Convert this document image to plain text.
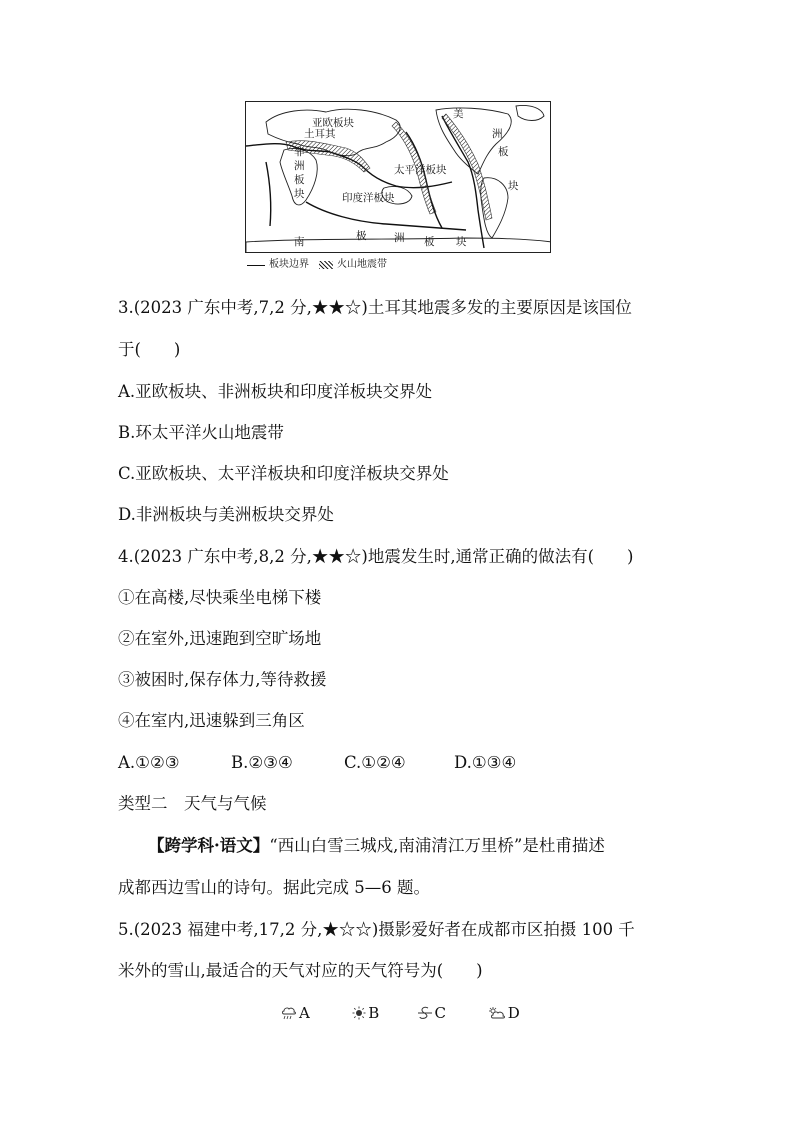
亚欧板块
土耳其
非
洲
板
块
太平洋板块
印度洋板块
美
洲
板
块
南	极	洲 板 块
板块边界	火山地震带
3.(2023 广东中考,7,2 分,★★☆)土耳其地震多发的主要原因是该国位
于(　　)
A.亚欧板块、非洲板块和印度洋板块交界处
B.环太平洋火山地震带
C.亚欧板块、太平洋板块和印度洋板块交界处
D.非洲板块与美洲板块交界处
4.(2023 广东中考,8,2 分,★★☆)地震发生时,通常正确的做法有(　　)
①在高楼,尽快乘坐电梯下楼
②在室外,迅速跑到空旷场地
③被困时,保存体力,等待救援
④在室内,迅速躲到三角区
A.①②③	B.②③④	C.①②④	D.①③④
类型二　天气与气候
【跨学科·语文】“西山白雪三城戍,南浦清江万里桥”是杜甫描述
成都西边雪山的诗句。据此完成 5—6 题。
5.(2023 福建中考,17,2 分,★☆☆)摄影爱好者在成都市区拍摄 100 千
米外的雪山,最适合的天气对应的天气符号为(　　)
A
	B
	C
	D
